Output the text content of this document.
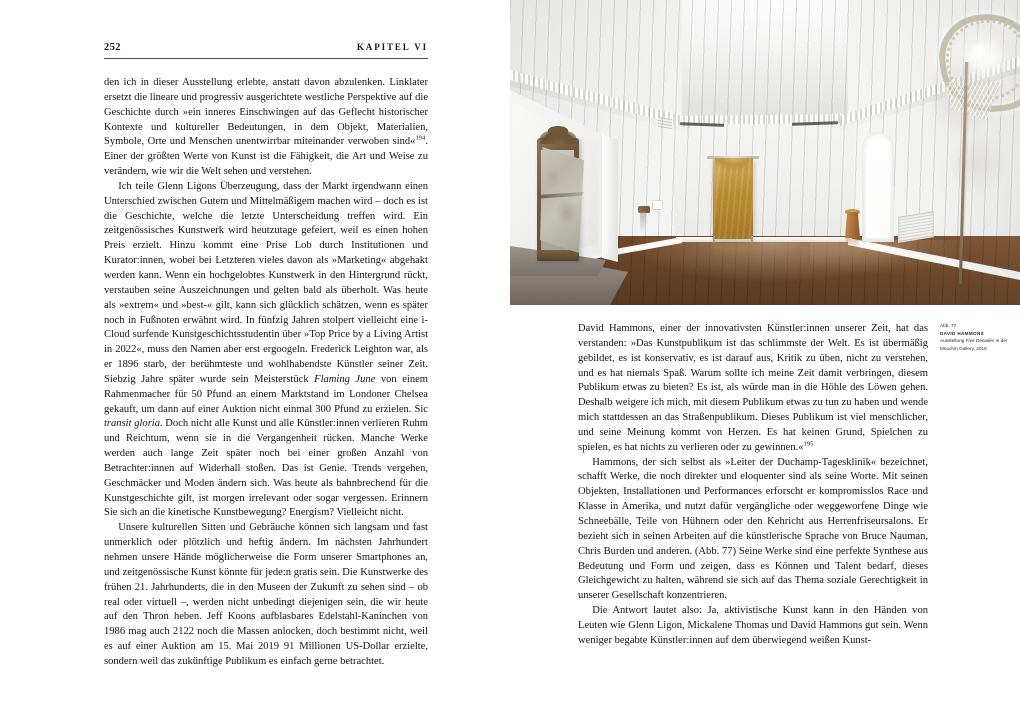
252	KAPITEL VI

den ich in dieser Ausstellung erlebte, anstatt davon abzulenken. Linklater ersetzt die lineare und progressiv ausgerichtete westliche Perspektive auf die Geschichte durch »ein inneres Einschwingen auf das Geflecht historischer Kontexte und kultureller Bedeutungen, in dem Objekt, Materialien, Symbole, Orte und Menschen unentwirrbar miteinander verwoben sind«$^{194}$. Einer der größten Werte von Kunst ist die Fähigkeit, die Art und Weise zu verändern, wie wir die Welt sehen und verstehen.

Ich teile Glenn Ligons Überzeugung, dass der Markt irgendwann einen Unterschied zwischen Gutem und Mittelmäßigem machen wird – doch es ist die Geschichte, welche die letzte Unterscheidung treffen wird. Ein zeitgenössisches Kunstwerk wird heutzutage gefeiert, weil es einen hohen Preis erzielt. Hinzu kommt eine Prise Lob durch Institutionen und Kurator:innen, wobei bei Letzteren vieles davon als »Marketing« abgehakt werden kann. Wenn ein hochgelobtes Kunstwerk in den Hintergrund rückt, verstauben seine Auszeichnungen und gelten bald als überholt. Was heute als »extrem« und »best-« gilt, kann sich glücklich schätzen, wenn es später noch in Fußnoten erwähnt wird. In fünfzig Jahren stolpert vielleicht eine i-Cloud surfende Kunstgeschichtsstudentin über »Top Price by a Living Artist in 2022«, muss den Namen aber erst ergoogeln. Frederick Leighton war, als er 1896 starb, der berühmteste und wohlhabendste Künstler seiner Zeit. Siebzig Jahre später wurde sein Meisterstück Flaming June von einem Rahmenmacher für 50 Pfund an einem Marktstand im Londoner Chelsea gekauft, um dann auf einer Auktion nicht einmal 300 Pfund zu erzielen. Sic transit gloria. Doch nicht alle Kunst und alle Künstler:innen verlieren Ruhm und Reichtum, wenn sie in die Vergangenheit rücken. Manche Werke werden auch lange Zeit später noch bei einer großen Anzahl von Betrachter:innen auf Widerhall stoßen. Das ist Genie. Trends vergehen, Geschmäcker und Moden ändern sich. Was heute als bahnbrechend für die Kunstgeschichte gilt, ist morgen irrelevant oder sogar vergessen. Erinnern Sie sich an die kinetische Kunstbewegung? Energism? Vielleicht nicht.

Unsere kulturellen Sitten und Gebräuche können sich langsam und fast unmerklich oder plötzlich und heftig ändern. Im nächsten Jahrhundert nehmen unsere Hände möglicherweise die Form unserer Smartphones an, und zeitgenössische Kunst könnte für jede:n gratis sein. Die Kunstwerke des frühen 21. Jahrhunderts, die in den Museen der Zukunft zu sehen sind – ob real oder virtuell –, werden nicht unbedingt diejenigen sein, die wir heute auf den Thron heben. Jeff Koons aufblasbares Edelstahl-Kaninchen von 1986 mag auch 2122 noch die Massen anlocken, doch bestimmt nicht, weil es auf einer Auktion am 15. Mai 2019 91 Millionen US-Dollar erzielte, sondern weil das zukünftige Publikum es einfach gerne betrachtet.

David Hammons, einer der innovativsten Künstler:innen unserer Zeit, hat das verstanden: »Das Kunstpublikum ist das schlimmste der Welt. Es ist übermäßig gebildet, es ist konservativ, es ist darauf aus, Kritik zu üben, nicht zu verstehen, und es hat niemals Spaß. Warum sollte ich meine Zeit damit verbringen, diesem Publikum etwas zu bieten? Es ist, als würde man in die Höhle des Löwen gehen. Deshalb weigere ich mich, mit diesem Publikum etwas zu tun zu haben und wende mich stattdessen an das Straßenpublikum. Dieses Publikum ist viel menschlicher, und seine Meinung kommt von Herzen. Es hat keinen Grund, Spielchen zu spielen, es hat nichts zu verlieren oder zu gewinnen.«$^{195}$

Hammons, der sich selbst als »Leiter der Duchamp-Tagesklinik« bezeichnet, schafft Werke, die noch direkter und eloquenter sind als seine Worte. Mit seinen Objekten, Installationen und Performances erforscht er kompromisslos Race und Klasse in Amerika, und nutzt dafür vergängliche oder weggeworfene Dinge wie Schneebälle, Teile von Hühnern oder den Kehricht aus Herrenfriseursalons. Er bezieht sich in seinen Arbeiten auf die künstlerische Sprache von Bruce Nauman, Chris Burden und anderen. (Abb. 77) Seine Werke sind eine perfekte Synthese aus Bedeutung und Form und zeigen, dass es Können und Talent bedarf, dieses Gleichgewicht zu halten, während sie sich auf das Thema soziale Gerechtigkeit in unserer Gesellschaft konzentrieren.

Die Antwort lautet also: Ja, aktivistische Kunst kann in den Händen von Leuten wie Glenn Ligon, Mickalene Thomas und David Hammons gut sein. Wenn weniger begabte Künstler:innen auf dem überwiegend weißen Kunst-

Abb. 77
DAVID HAMMONS
Ausstellung Five Decades in der Mnuchin Gallery, 2016
